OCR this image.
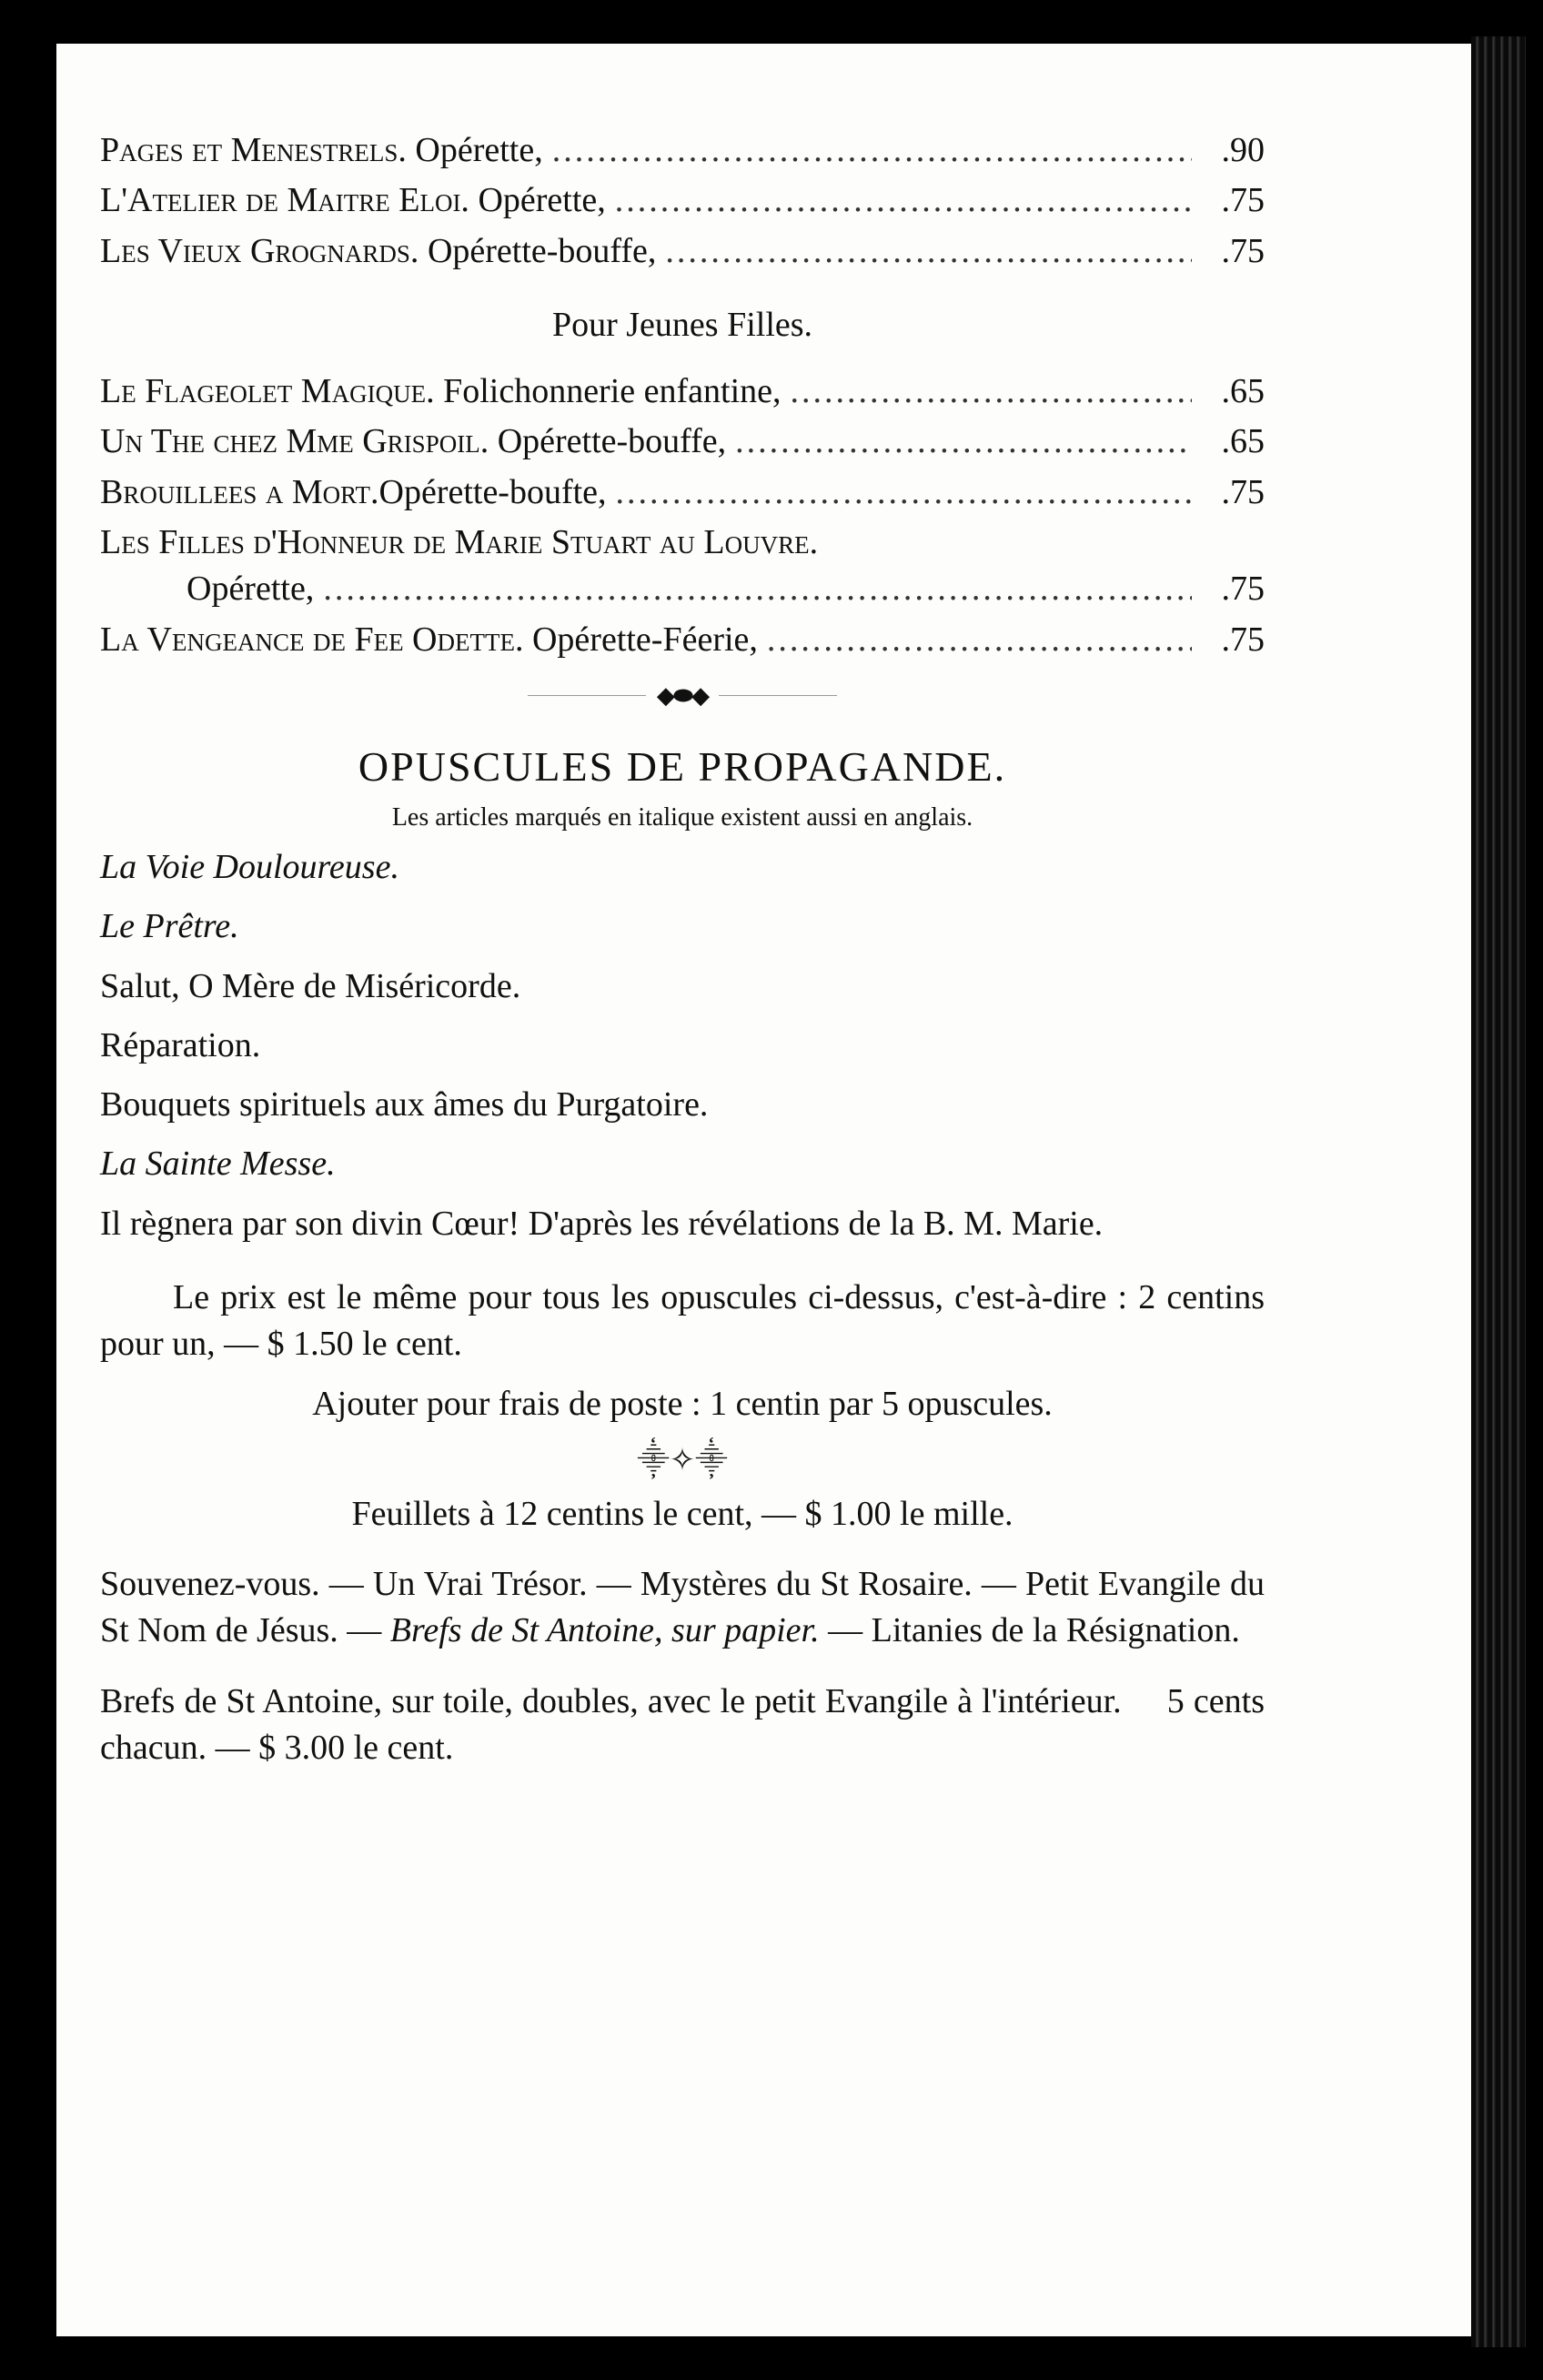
Pages et Menestrels. Opérette, .....	.90
L'Atelier de Maitre Eloi. Opérette, .....	.75
Les Vieux Grognards. Opérette-bouffe, .....	.75
Pour Jeunes Filles.
Le Flageolet Magique. Folichonnerie enfantine, .....	.65
Un The chez Mme Grispoil. Opérette-bouffe, .....	.65
Brouillees a Mort.Opérette-boufte, .....	.75
Les Filles d'Honneur de Marie Stuart au Louvre.
Opérette, .....	.75
La Vengeance de Fee Odette. Opérette-Féerie, .....	.75
◆⬬◆
OPUSCULES DE PROPAGANDE.
Les articles marqués en italique existent aussi en anglais.
La Voie Douloureuse.
Le Prêtre.
Salut, O Mère de Miséricorde.
Réparation.
Bouquets spirituels aux âmes du Purgatoire.
La Sainte Messe.
Il règnera par son divin Cœur! D'après les révélations de la B. M. Marie.
Le prix est le même pour tous les opuscules ci-dessus, c'est-à-dire : 2 centins pour un, — $ 1.50 le cent.
Ajouter pour frais de poste : 1 centin par 5 opuscules.
⸎✧⸎
Feuillets à 12 centins le cent, — $ 1.00 le mille.
Souvenez-vous. — Un Vrai Trésor. — Mystères du St Rosaire. — Petit Evangile du St Nom de Jésus. — Brefs de St Antoine, sur papier. — Litanies de la Résignation.
Brefs de St Antoine, sur toile, doubles, avec le petit Evangile à l'intérieur. 5 cents chacun. — $ 3.00 le cent.
